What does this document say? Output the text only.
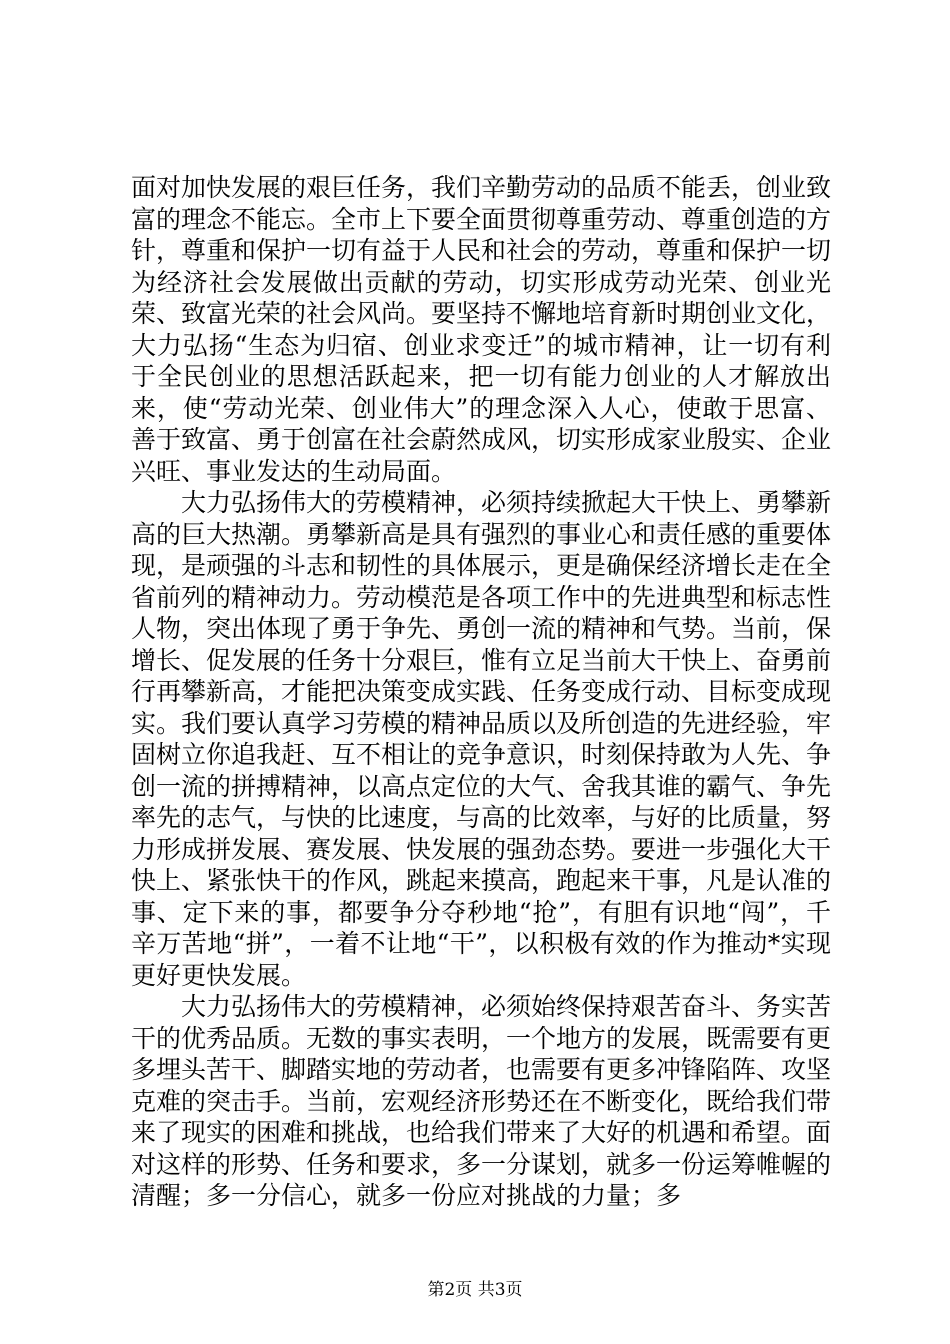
面对加快发展的艰巨任务，我们辛勤劳动的品质不能丢，创业致富的理念不能忘。全市上下要全面贯彻尊重劳动、尊重创造的方针，尊重和保护一切有益于人民和社会的劳动，尊重和保护一切为经济社会发展做出贡献的劳动，切实形成劳动光荣、创业光荣、致富光荣的社会风尚。要坚持不懈地培育新时期创业文化，大力弘扬“生态为归宿、创业求变迁”的城市精神，让一切有利于全民创业的思想活跃起来，把一切有能力创业的人才解放出来，使“劳动光荣、创业伟大”的理念深入人心，使敢于思富、善于致富、勇于创富在社会蔚然成风，切实形成家业殷实、企业兴旺、事业发达的生动局面。

大力弘扬伟大的劳模精神，必须持续掀起大干快上、勇攀新高的巨大热潮。勇攀新高是具有强烈的事业心和责任感的重要体现，是顽强的斗志和韧性的具体展示，更是确保经济增长走在全省前列的精神动力。劳动模范是各项工作中的先进典型和标志性人物，突出体现了勇于争先、勇创一流的精神和气势。当前，保增长、促发展的任务十分艰巨，惟有立足当前大干快上、奋勇前行再攀新高，才能把决策变成实践、任务变成行动、目标变成现实。我们要认真学习劳模的精神品质以及所创造的先进经验，牢固树立你追我赶、互不相让的竞争意识，时刻保持敢为人先、争创一流的拼搏精神，以高点定位的大气、舍我其谁的霸气、争先率先的志气，与快的比速度，与高的比效率，与好的比质量，努力形成拼发展、赛发展、快发展的强劲态势。要进一步强化大干快上、紧张快干的作风，跳起来摸高，跑起来干事，凡是认准的事、定下来的事，都要争分夺秒地“抢”，有胆有识地“闯”，千辛万苦地“拼”，一着不让地“干”，以积极有效的作为推动*实现更好更快发展。

大力弘扬伟大的劳模精神，必须始终保持艰苦奋斗、务实苦干的优秀品质。无数的事实表明，一个地方的发展，既需要有更多埋头苦干、脚踏实地的劳动者，也需要有更多冲锋陷阵、攻坚克难的突击手。当前，宏观经济形势还在不断变化，既给我们带来了现实的困难和挑战，也给我们带来了大好的机遇和希望。面对这样的形势、任务和要求，多一分谋划，就多一份运筹帷幄的清醒；多一分信心，就多一份应对挑战的力量；多

第2页 共3页
